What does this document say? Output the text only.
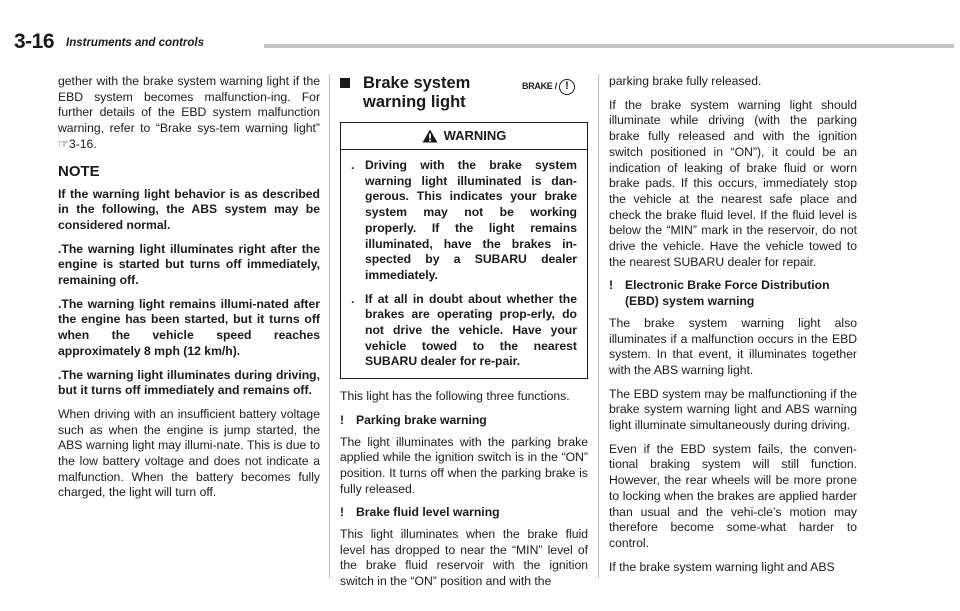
3-16 Instruments and controls

gether with the brake system warning light if the EBD system becomes malfunction-ing. For further details of the EBD system malfunction warning, refer to “Brake sys-tem warning light” ☞3-16.

NOTE

If the warning light behavior is as described in the following, the ABS system may be considered normal.

.The warning light illuminates right after the engine is started but turns off immediately, remaining off.

.The warning light remains illumi-nated after the engine has been started, but it turns off when the vehicle speed reaches approximately 8 mph (12 km/h).

.The warning light illuminates during driving, but it turns off immediately and remains off.

When driving with an insufficient battery voltage such as when the engine is jump started, the ABS warning light may illumi-nate. This is due to the low battery voltage and does not indicate a malfunction. When the battery becomes fully charged, the light will turn off.

Brake system warning light
BRAKE / !
WARNING
. Driving with the brake system warning light illuminated is dan-gerous. This indicates your brake system may not be working properly. If the light remains illuminated, have the brakes in-spected by a SUBARU dealer immediately.
. If at all in doubt about whether the brakes are operating prop-erly, do not drive the vehicle. Have your vehicle towed to the nearest SUBARU dealer for re-pair.

This light has the following three functions.

! Parking brake warning

The light illuminates with the parking brake applied while the ignition switch is in the “ON” position. It turns off when the parking brake is fully released.

! Brake fluid level warning

This light illuminates when the brake fluid level has dropped to near the “MIN” level of the brake fluid reservoir with the ignition switch in the “ON” position and with the

parking brake fully released.

If the brake system warning light should illuminate while driving (with the parking brake fully released and with the ignition switch positioned in “ON”), it could be an indication of leaking of brake fluid or worn brake pads. If this occurs, immediately stop the vehicle at the nearest safe place and check the brake fluid level. If the fluid level is below the “MIN” mark in the reservoir, do not drive the vehicle. Have the vehicle towed to the nearest SUBARU dealer for repair.

! Electronic Brake Force Distribution (EBD) system warning

The brake system warning light also illuminates if a malfunction occurs in the EBD system. In that event, it illuminates together with the ABS warning light.

The EBD system may be malfunctioning if the brake system warning light and ABS warning light illuminate simultaneously during driving.

Even if the EBD system fails, the conven-tional braking system will still function. However, the rear wheels will be more prone to locking when the brakes are applied harder than usual and the vehi-cle’s motion may therefore become some-what harder to control.

If the brake system warning light and ABS
